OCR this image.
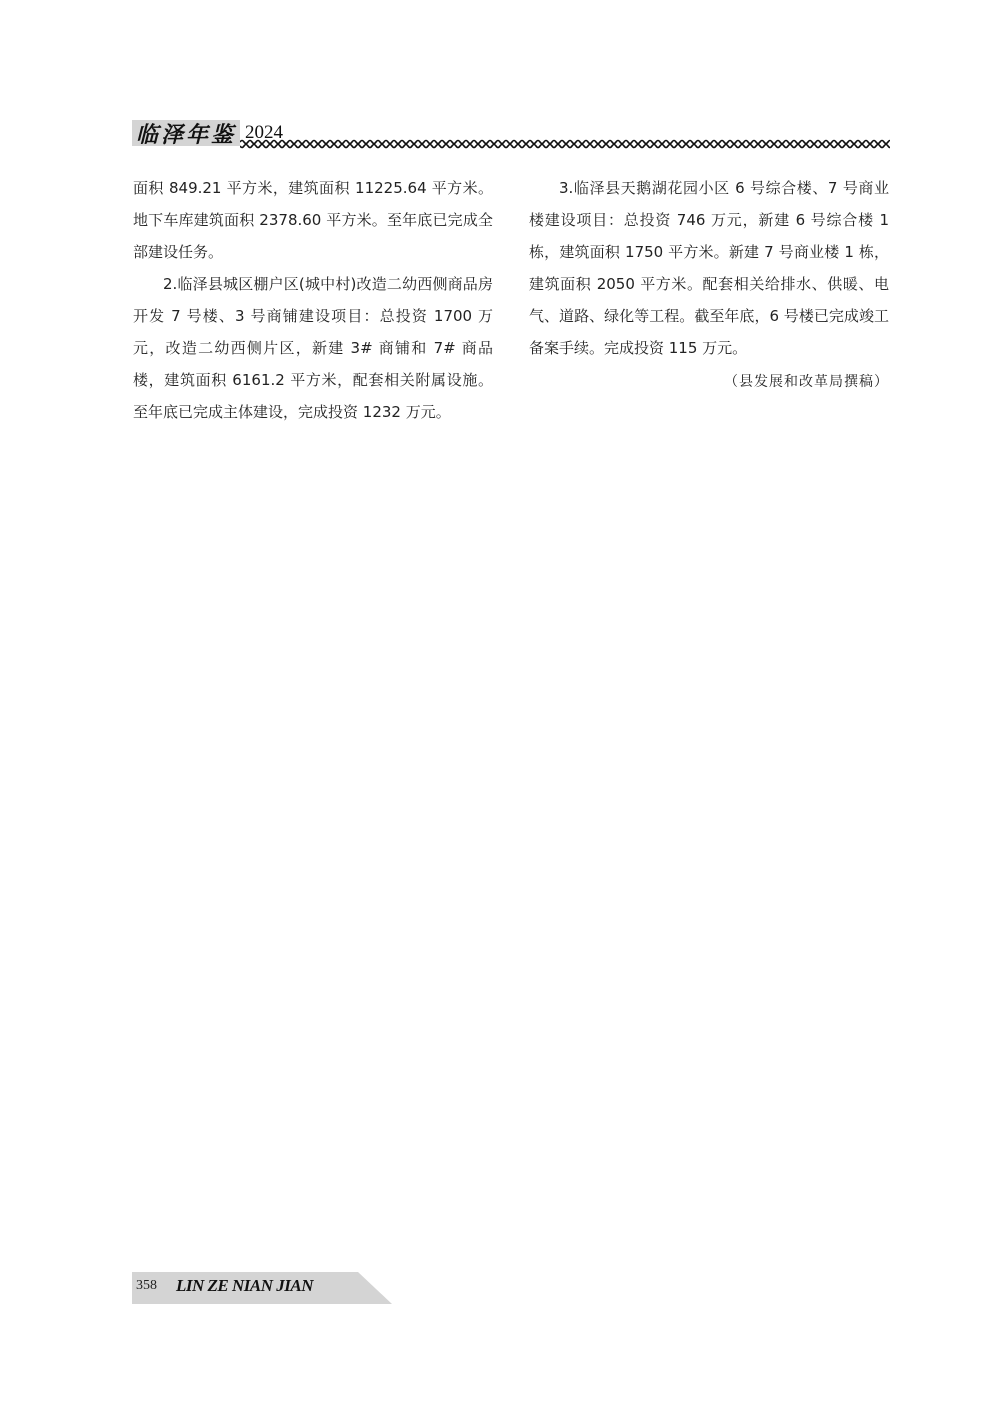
临泽年鉴 2024

面积 849.21 平方米，建筑面积 11225.64 平方米。地下车库建筑面积 2378.60 平方米。至年底已完成全部建设任务。

2.临泽县城区棚户区(城中村)改造二幼西侧商品房开发 7 号楼、3 号商铺建设项目：总投资 1700 万元，改造二幼西侧片区，新建 3# 商铺和 7# 商品楼，建筑面积 6161.2 平方米，配套相关附属设施。至年底已完成主体建设，完成投资 1232 万元。

3.临泽县天鹅湖花园小区 6 号综合楼、7 号商业楼建设项目：总投资 746 万元，新建 6 号综合楼 1 栋，建筑面积 1750 平方米。新建 7 号商业楼 1 栋，建筑面积 2050 平方米。配套相关给排水、供暖、电气、道路、绿化等工程。截至年底，6 号楼已完成竣工备案手续。完成投资 115 万元。

（县发展和改革局撰稿）

358 LIN ZE NIAN JIAN
